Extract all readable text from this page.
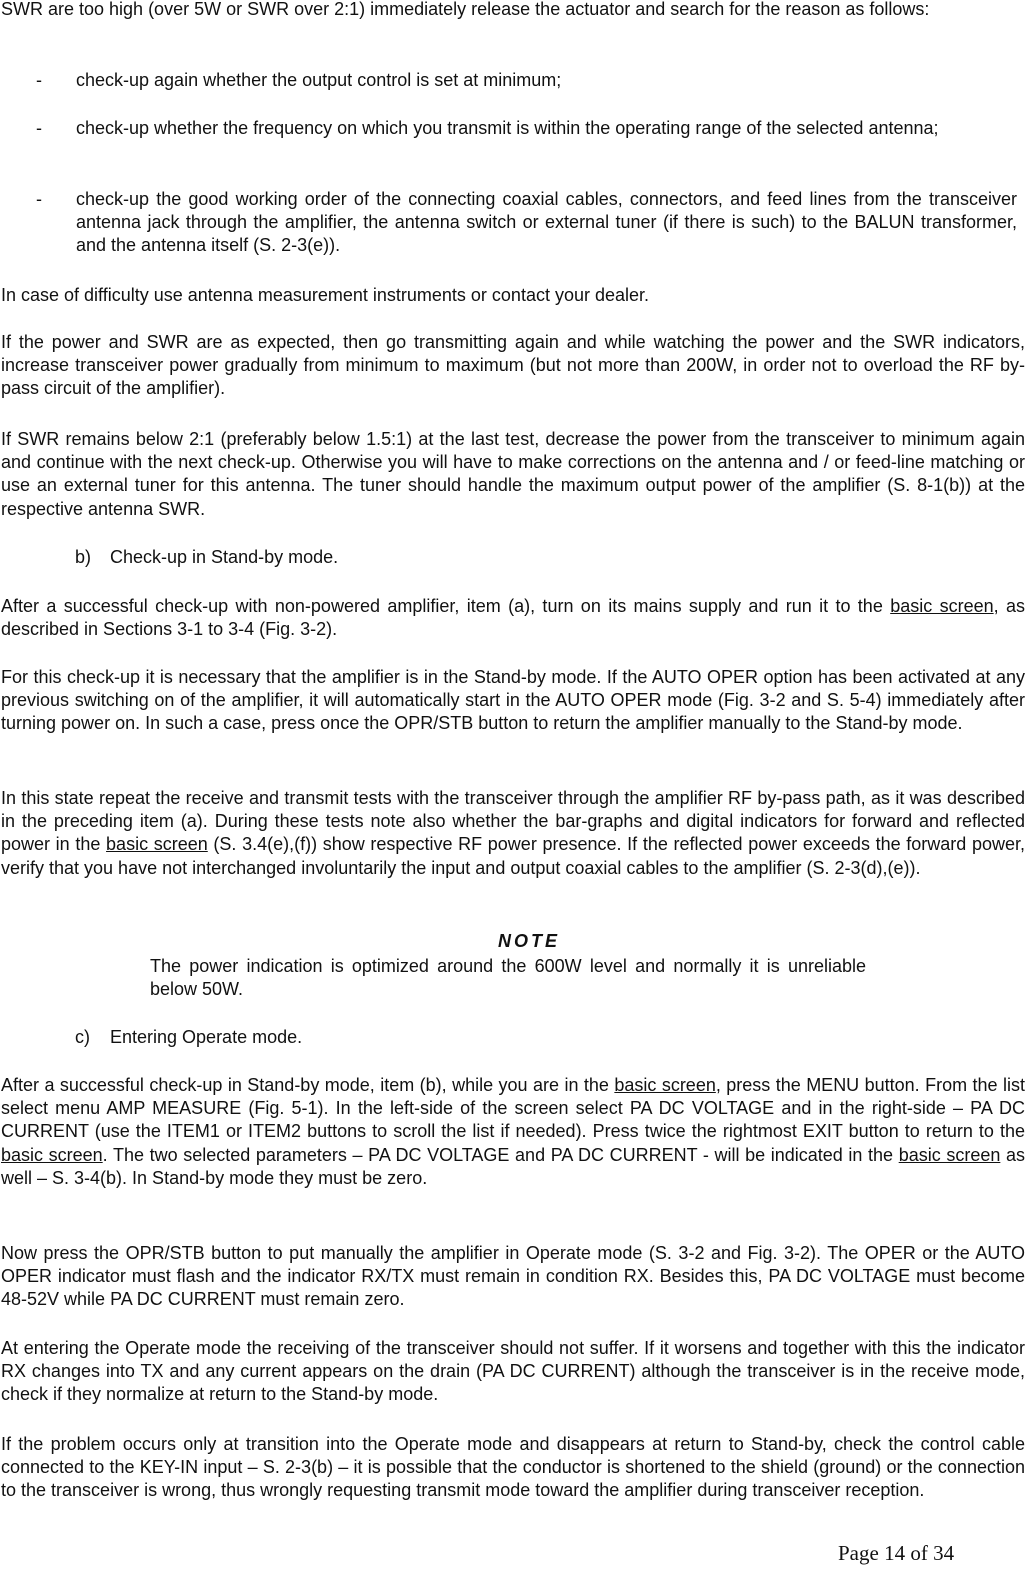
SWR are too high (over 5W or SWR over 2:1) immediately release the actuator and search for the reason as follows:

- check-up again whether the output control is set at minimum;
- check-up whether the frequency on which you transmit is within the operating range of the selected antenna;
- check-up the good working order of the connecting coaxial cables, connectors, and feed lines from the transceiver antenna jack through the amplifier, the antenna switch or external tuner (if there is such) to the BALUN transformer, and the antenna itself (S. 2-3(e)).

In case of difficulty use antenna measurement instruments or contact your dealer.

If the power and SWR are as expected, then go transmitting again and while watching the power and the SWR indicators, increase transceiver power gradually from minimum to maximum (but not more than 200W, in order not to overload the RF by-pass circuit of the amplifier).

If SWR remains below 2:1 (preferably below 1.5:1) at the last test, decrease the power from the transceiver to minimum again and continue with the next check-up. Otherwise you will have to make corrections on the antenna and / or feed-line matching or use an external tuner for this antenna. The tuner should handle the maximum output power of the amplifier (S. 8-1(b)) at the respective antenna SWR.

b) Check-up in Stand-by mode.

After a successful check-up with non-powered amplifier, item (a), turn on its mains supply and run it to the basic screen, as described in Sections 3-1 to 3-4 (Fig. 3-2).

For this check-up it is necessary that the amplifier is in the Stand-by mode. If the AUTO OPER option has been activated at any previous switching on of the amplifier, it will automatically start in the AUTO OPER mode (Fig. 3-2 and S. 5-4) immediately after turning power on. In such a case, press once the OPR/STB button to return the amplifier manually to the Stand-by mode.

In this state repeat the receive and transmit tests with the transceiver through the amplifier RF by-pass path, as it was described in the preceding item (a). During these tests note also whether the bar-graphs and digital indicators for forward and reflected power in the basic screen (S. 3.4(e),(f)) show respective RF power presence. If the reflected power exceeds the forward power, verify that you have not interchanged involuntarily the input and output coaxial cables to the amplifier (S. 2-3(d),(e)).

NOTE
The power indication is optimized around the 600W level and normally it is unreliable below 50W.
c) Entering Operate mode.

After a successful check-up in Stand-by mode, item (b), while you are in the basic screen, press the MENU button. From the list select menu AMP MEASURE (Fig. 5-1). In the left-side of the screen select PA DC VOLTAGE and in the right-side – PA DC CURRENT (use the ITEM1 or ITEM2 buttons to scroll the list if needed). Press twice the rightmost EXIT button to return to the basic screen. The two selected parameters – PA DC VOLTAGE and PA DC CURRENT - will be indicated in the basic screen as well – S. 3-4(b). In Stand-by mode they must be zero.

Now press the OPR/STB button to put manually the amplifier in Operate mode (S. 3-2 and Fig. 3-2). The OPER or the AUTO OPER indicator must flash and the indicator RX/TX must remain in condition RX. Besides this, PA DC VOLTAGE must become 48-52V while PA DC CURRENT must remain zero.

At entering the Operate mode the receiving of the transceiver should not suffer. If it worsens and together with this the indicator RX changes into TX and any current appears on the drain (PA DC CURRENT) although the transceiver is in the receive mode, check if they normalize at return to the Stand-by mode.

If the problem occurs only at transition into the Operate mode and disappears at return to Stand-by, check the control cable connected to the KEY-IN input – S. 2-3(b) – it is possible that the conductor is shortened to the shield (ground) or the connection to the transceiver is wrong, thus wrongly requesting transmit mode toward the amplifier during transceiver reception.

Page 14 of 34
